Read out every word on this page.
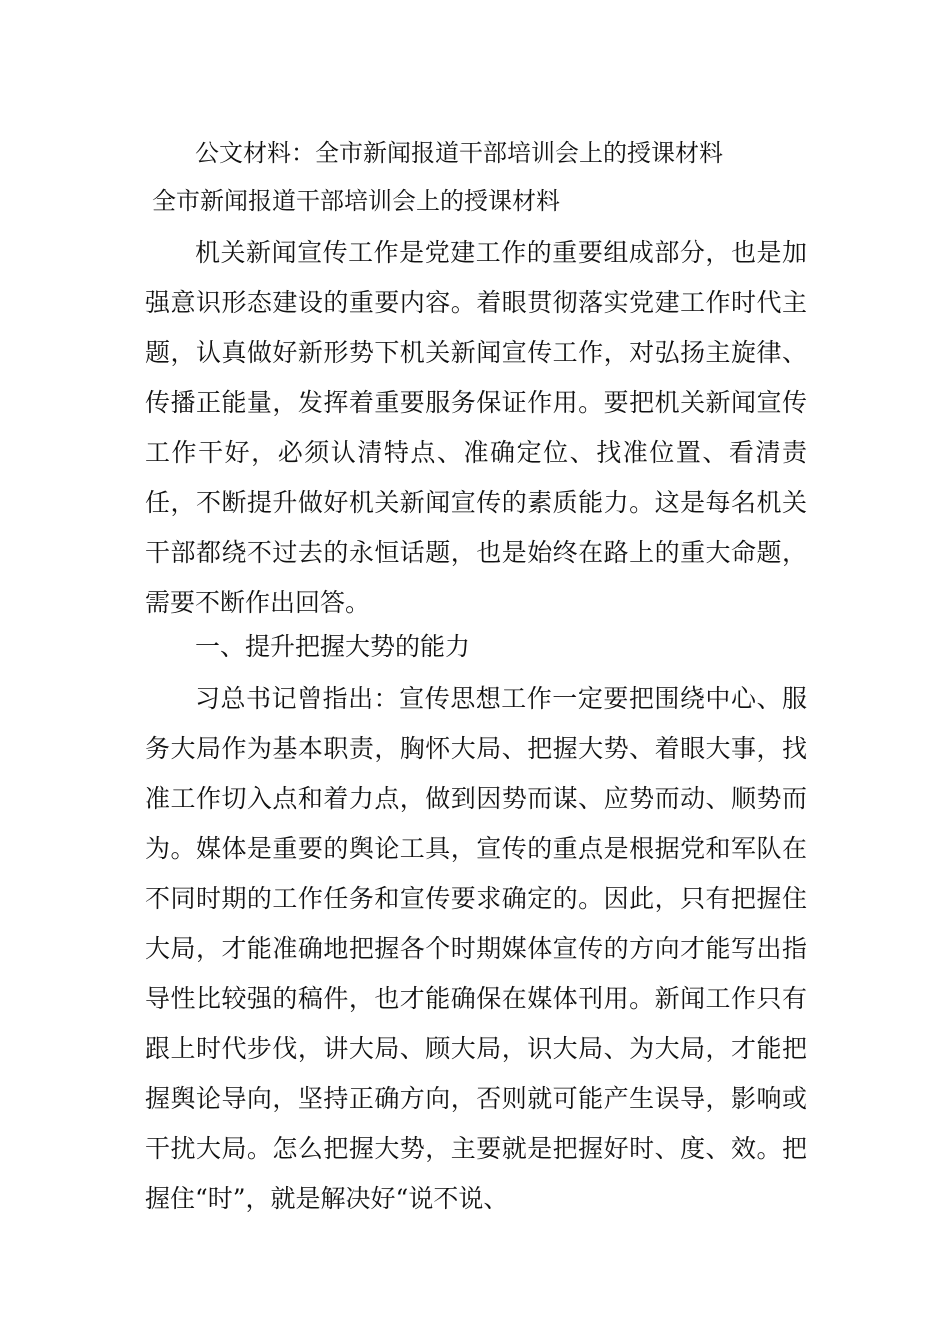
公文材料：全市新闻报道干部培训会上的授课材料
全市新闻报道干部培训会上的授课材料
机关新闻宣传工作是党建工作的重要组成部分，也是加强意识形态建设的重要内容。着眼贯彻落实党建工作时代主题，认真做好新形势下机关新闻宣传工作，对弘扬主旋律、传播正能量，发挥着重要服务保证作用。要把机关新闻宣传工作干好，必须认清特点、准确定位、找准位置、看清责任，不断提升做好机关新闻宣传的素质能力。这是每名机关干部都绕不过去的永恒话题，也是始终在路上的重大命题，需要不断作出回答。
一、提升把握大势的能力
习总书记曾指出：宣传思想工作一定要把围绕中心、服务大局作为基本职责，胸怀大局、把握大势、着眼大事，找准工作切入点和着力点，做到因势而谋、应势而动、顺势而为。媒体是重要的舆论工具，宣传的重点是根据党和军队在不同时期的工作任务和宣传要求确定的。因此，只有把握住大局，才能准确地把握各个时期媒体宣传的方向才能写出指导性比较强的稿件，也才能确保在媒体刊用。新闻工作只有跟上时代步伐，讲大局、顾大局，识大局、为大局，才能把握舆论导向，坚持正确方向，否则就可能产生误导，影响或干扰大局。怎么把握大势，主要就是把握好时、度、效。把握住“时”，就是解决好“说不说、
